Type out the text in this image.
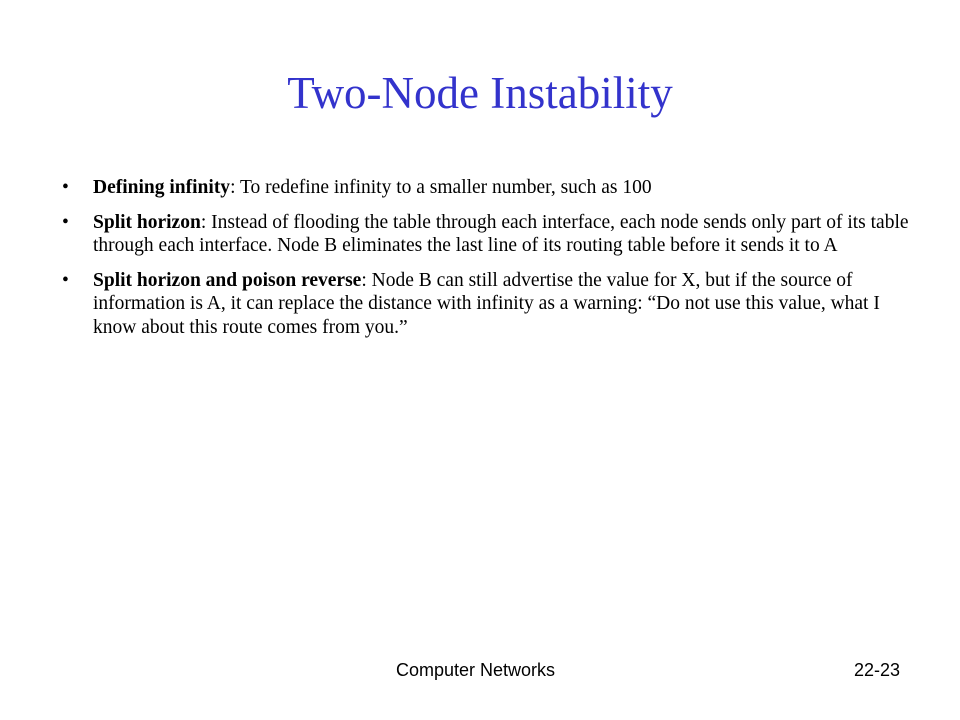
Two-Node Instability
• Defining infinity: To redefine infinity to a smaller number, such as 100
• Split horizon: Instead of flooding the table through each interface, each node sends only part of its table through each interface. Node B eliminates the last line of its routing table before it sends it to A
• Split horizon and poison reverse: Node B can still advertise the value for X, but if the source of information is A, it can replace the distance with infinity as a warning: “Do not use this value, what I know about this route comes from you.”
Computer Networks	22-23
